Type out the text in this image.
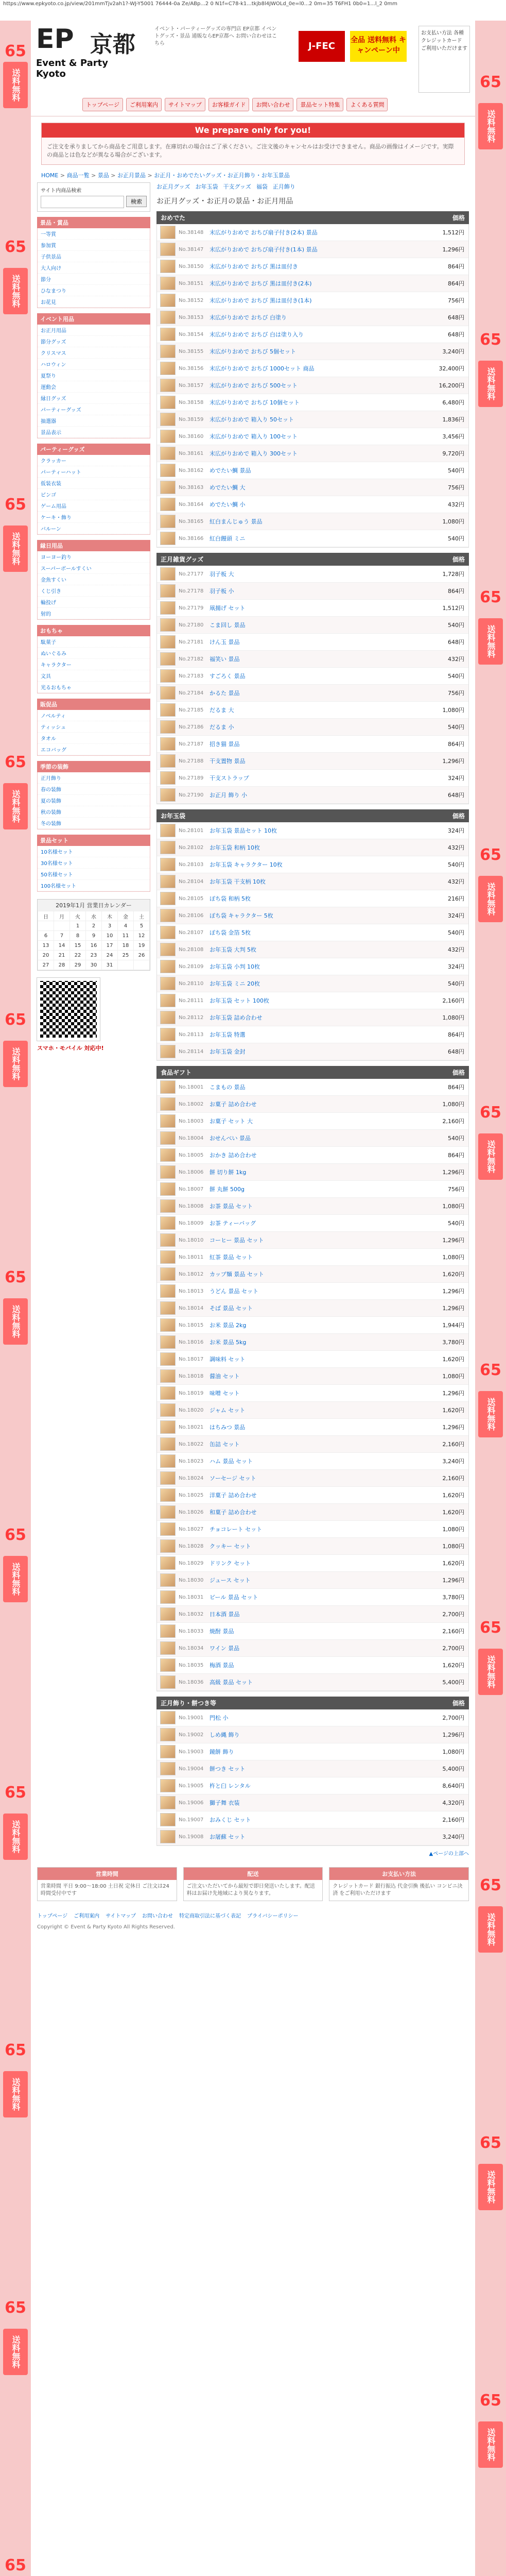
https://www.epkyoto.co.jp/view/201mmTjv2ah1?-WJ-Y5001 76444-0a Ze/ABp...2 0 N1f=C78-k1...tkjb8l4JWOLd_0e=l0...2 0m=35 T6FH1 0b0=1...l_2 0mm
送料無料
65
送料無料
65
送料無料
65
送料無料
65
送料無料
65
送料無料
65
送料無料
65
送料無料
65
送料無料
65
送料無料
65
65
送料無料
65
送料無料
65
送料無料
65
送料無料
65
送料無料
65
送料無料
65
送料無料
65
送料無料
65
送料無料
65
送料無料
65
EP 京都
Event & Party Kyoto
イベント・パーティーグッズの専門店 EP京都 イベントグッズ・景品 通販ならEP京都へ お問い合わせはこちら	J-FEC
全品 送料無料 キャンペーン中
お支払い方法 各種クレジットカード ご利用いただけます
トップページ	ご利用案内	サイトマップ	お客様ガイド	お問い合わせ	景品セット特集	よくある質問
We prepare only for you!
ご注文を承りましてから商品をご用意します。在庫切れの場合はご了承ください。ご注文後のキャンセルはお受けできません。商品の画像はイメージです。実際の商品とは色などが異なる場合がございます。
HOME > 商品一覧 > 景品 > お正月景品 > お正月・おめでたいグッズ・お正月飾り・お年玉景品
サイト内商品検索
検索
景品・賞品
一等賞
参加賞
子供景品
大人向け
節分
ひなまつり
お花見
イベント用品
お正月用品
節分グッズ
クリスマス
ハロウィン
夏祭り
運動会
縁日グッズ
パーティーグッズ
抽選器
景品表示
パーティーグッズ
クラッカー
パーティーハット
仮装衣装
ビンゴ
ゲーム用品
ケーキ・飾り
バルーン
縁日用品
ヨーヨー釣り
スーパーボールすくい
金魚すくい
くじ引き
輪投げ
射的
おもちゃ
駄菓子
ぬいぐるみ
キャラクター
文具
光るおもちゃ
販促品
ノベルティ
ティッシュ
タオル
エコバッグ
季節の装飾
正月飾り
春の装飾
夏の装飾
秋の装飾
冬の装飾
景品セット
10名様セット
30名様セット
50名様セット
100名様セット
2019年1月 営業日カレンダー
日	月	火	水	木	金	土
		1	2	3	4	5
6	7	8	9	10	11	12
13	14	15	16	17	18	19
20	21	22	23	24	25	26
27	28	29	30	31		
スマホ・モバイル 対応中!
お正月グッズ お年玉袋 干支グッズ 福袋 正月飾り
お正月グッズ・お正月の景品・お正月用品
おめでた	価格
No.38148	末広がりおめで おちび扇子付き(2本) 景品	1,512円
No.38147	末広がりおめで おちび扇子付き(1本) 景品	1,296円
No.38150	末広がりおめで おちび 黒は皿付き	864円
No.38151	末広がりおめで おちび 黒は皿付き(2本)	864円
No.38152	末広がりおめで おちび 黒は皿付き(1本)	756円
No.38153	末広がりおめで おちび 白塗り	648円
No.38154	末広がりおめで おちび 白は塗り入り	648円
No.38155	末広がりおめで おちび 5個セット	3,240円
No.38156	末広がりおめで おちび 1000セット 商品	32,400円
No.38157	末広がりおめで おちび 500セット	16,200円
No.38158	末広がりおめで おちび 10個セット	6,480円
No.38159	末広がりおめで 箱入り 50セット	1,836円
No.38160	末広がりおめで 箱入り 100セット	3,456円
No.38161	末広がりおめで 箱入り 300セット	9,720円
No.38162	めでたい鯛 景品	540円
No.38163	めでたい鯛 大	756円
No.38164	めでたい鯛 小	432円
No.38165	紅白まんじゅう 景品	1,080円
No.38166	紅白饅頭 ミニ	540円
正月雑貨グッズ	価格
No.27177	羽子板 大	1,728円
No.27178	羽子板 小	864円
No.27179	凧揚げ セット	1,512円
No.27180	こま回し 景品	540円
No.27181	けん玉 景品	648円
No.27182	福笑い 景品	432円
No.27183	すごろく 景品	540円
No.27184	かるた 景品	756円
No.27185	だるま 大	1,080円
No.27186	だるま 小	540円
No.27187	招き猫 景品	864円
No.27188	干支置物 景品	1,296円
No.27189	干支ストラップ	324円
No.27190	お正月 飾り 小	648円
お年玉袋	価格
No.28101	お年玉袋 景品セット 10枚	324円
No.28102	お年玉袋 和柄 10枚	432円
No.28103	お年玉袋 キャラクター 10枚	540円
No.28104	お年玉袋 干支柄 10枚	432円
No.28105	ぽち袋 和柄 5枚	216円
No.28106	ぽち袋 キャラクター 5枚	324円
No.28107	ぽち袋 金箔 5枚	540円
No.28108	お年玉袋 大判 5枚	432円
No.28109	お年玉袋 小判 10枚	324円
No.28110	お年玉袋 ミニ 20枚	540円
No.28111	お年玉袋 セット 100枚	2,160円
No.28112	お年玉袋 詰め合わせ	1,080円
No.28113	お年玉袋 特選	864円
No.28114	お年玉袋 金封	648円
食品ギフト	価格
No.18001	こまもの 景品	864円
No.18002	お菓子 詰め合わせ	1,080円
No.18003	お菓子 セット 大	2,160円
No.18004	おせんべい 景品	540円
No.18005	おかき 詰め合わせ	864円
No.18006	餅 切り餅 1kg	1,296円
No.18007	餅 丸餅 500g	756円
No.18008	お茶 景品 セット	1,080円
No.18009	お茶 ティーバッグ	540円
No.18010	コーヒー 景品 セット	1,296円
No.18011	紅茶 景品 セット	1,080円
No.18012	カップ麺 景品 セット	1,620円
No.18013	うどん 景品 セット	1,296円
No.18014	そば 景品 セット	1,296円
No.18015	お米 景品 2kg	1,944円
No.18016	お米 景品 5kg	3,780円
No.18017	調味料 セット	1,620円
No.18018	醤油 セット	1,080円
No.18019	味噌 セット	1,296円
No.18020	ジャム セット	1,620円
No.18021	はちみつ 景品	1,296円
No.18022	缶詰 セット	2,160円
No.18023	ハム 景品 セット	3,240円
No.18024	ソーセージ セット	2,160円
No.18025	洋菓子 詰め合わせ	1,620円
No.18026	和菓子 詰め合わせ	1,620円
No.18027	チョコレート セット	1,080円
No.18028	クッキー セット	1,080円
No.18029	ドリンク セット	1,620円
No.18030	ジュース セット	1,296円
No.18031	ビール 景品 セット	3,780円
No.18032	日本酒 景品	2,700円
No.18033	焼酎 景品	2,160円
No.18034	ワイン 景品	2,700円
No.18035	梅酒 景品	1,620円
No.18036	高級 景品 セット	5,400円
正月飾り・餅つき等	価格
No.19001	門松 小	2,700円
No.19002	しめ縄 飾り	1,296円
No.19003	鏡餅 飾り	1,080円
No.19004	餅つき セット	5,400円
No.19005	杵と臼 レンタル	8,640円
No.19006	獅子舞 衣装	4,320円
No.19007	おみくじ セット	2,160円
No.19008	お屠蘇 セット	3,240円
▲ページの上部へ
営業時間
営業時間 平日 9:00〜18:00 土日祝 定休日 ご注文は24時間受付中です
配送
ご注文いただいてから最短で即日発送いたします。配送料はお届け先地域により異なります。
お支払い方法
クレジットカード 銀行振込 代金引換 後払い コンビニ決済 をご利用いただけます
トップページ ご利用案内 サイトマップ お問い合わせ 特定商取引法に基づく表記 プライバシーポリシー
Copyright © Event & Party Kyoto All Rights Reserved.
